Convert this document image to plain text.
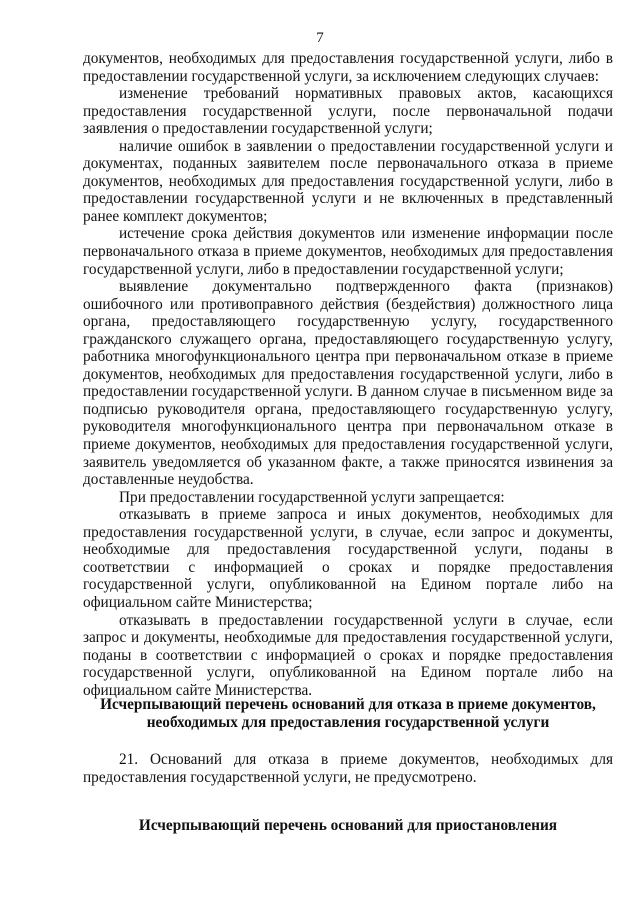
7

документов, необходимых для предоставления государственной услуги, либо в предоставлении государственной услуги, за исключением следующих случаев:

изменение требований нормативных правовых актов, касающихся предоставления государственной услуги, после первоначальной подачи заявления о предоставлении государственной услуги;

наличие ошибок в заявлении о предоставлении государственной услуги и документах, поданных заявителем после первоначального отказа в приеме документов, необходимых для предоставления государственной услуги, либо в предоставлении государственной услуги и не включенных в представленный ранее комплект документов;

истечение срока действия документов или изменение информации после первоначального отказа в приеме документов, необходимых для предоставления государственной услуги, либо в предоставлении государственной услуги;

выявление документально подтвержденного факта (признаков) ошибочного или противоправного действия (бездействия) должностного лица органа, предоставляющего государственную услугу, государственного гражданского служащего органа, предоставляющего государственную услугу, работника многофункционального центра при первоначальном отказе в приеме документов, необходимых для предоставления государственной услуги, либо в предоставлении государственной услуги. В данном случае в письменном виде за подписью руководителя органа, предоставляющего государственную услугу, руководителя многофункционального центра при первоначальном отказе в приеме документов, необходимых для предоставления государственной услуги, заявитель уведомляется об указанном факте, а также приносятся извинения за доставленные неудобства.

При предоставлении государственной услуги запрещается:

отказывать в приеме запроса и иных документов, необходимых для предоставления государственной услуги, в случае, если запрос и документы, необходимые для предоставления государственной услуги, поданы в соответствии с информацией о сроках и порядке предоставления государственной услуги, опубликованной на Едином портале либо на официальном сайте Министерства;

отказывать в предоставлении государственной услуги в случае, если запрос и документы, необходимые для предоставления государственной услуги, поданы в соответствии с информацией о сроках и порядке предоставления государственной услуги, опубликованной на Едином портале либо на официальном сайте Министерства.

Исчерпывающий перечень оснований для отказа в приеме документов, необходимых для предоставления государственной услуги

21. Оснований для отказа в приеме документов, необходимых для предоставления государственной услуги, не предусмотрено.

Исчерпывающий перечень оснований для приостановления
